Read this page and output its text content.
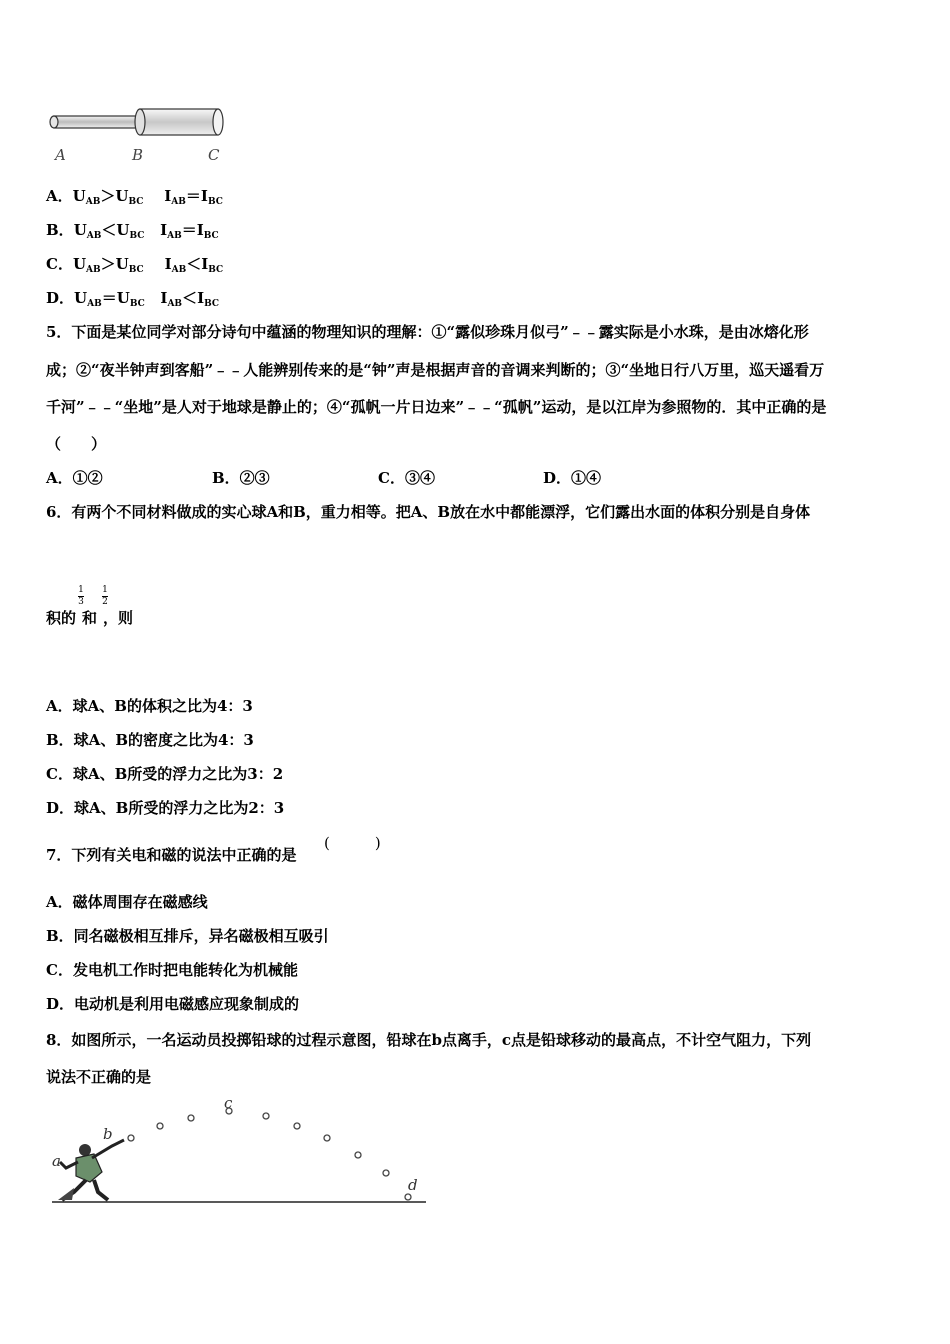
A	B	C
A．$U_{AB}>U_{BC}$ $I_{AB}=I_{BC}$
B．$U_{AB}<U_{BC}$ $I_{AB}=I_{BC}$
C．$U_{AB}>U_{BC}$ $I_{AB}<I_{BC}$
D．$U_{AB}=U_{BC}$ $I_{AB}<I_{BC}$
5．下面是某位同学对部分诗句中蕴涵的物理知识的理解：①“露似珍珠月似弓”﹣﹣露实际是小水珠，是由冰熔化形
成；②“夜半钟声到客船”﹣﹣人能辨别传来的是“钟”声是根据声音的音调来判断的；③“坐地日行八万里，巡天遥看万
千河”﹣﹣“坐地”是人对于地球是静止的；④“孤帆一片日边来”﹣﹣“孤帆”运动，是以江岸为参照物的．其中正确的是
（　　）
A．①②	B．②③	C．③④	D．①④
6．有两个不同材料做成的实心球A和B，重力相等。把A、B放在水中都能漂浮，它们露出水面的体积分别是自身体
积的 和 ，则
1
3
1
2
A．球A、B的体积之比为4：3
B．球A、B的密度之比为4：3
C．球A、B所受的浮力之比为3：2
D．球A、B所受的浮力之比为2：3
7．下列有关电和磁的说法中正确的是
(　　　)
A．磁体周围存在磁感线
B．同名磁极相互排斥，异名磁极相互吸引
C．发电机工作时把电能转化为机械能
D．电动机是利用电磁感应现象制成的
8．如图所示，一名运动员投掷铅球的过程示意图，铅球在b点离手，c点是铅球移动的最高点，不计空气阻力，下列
说法不正确的是
a
b
c
d
